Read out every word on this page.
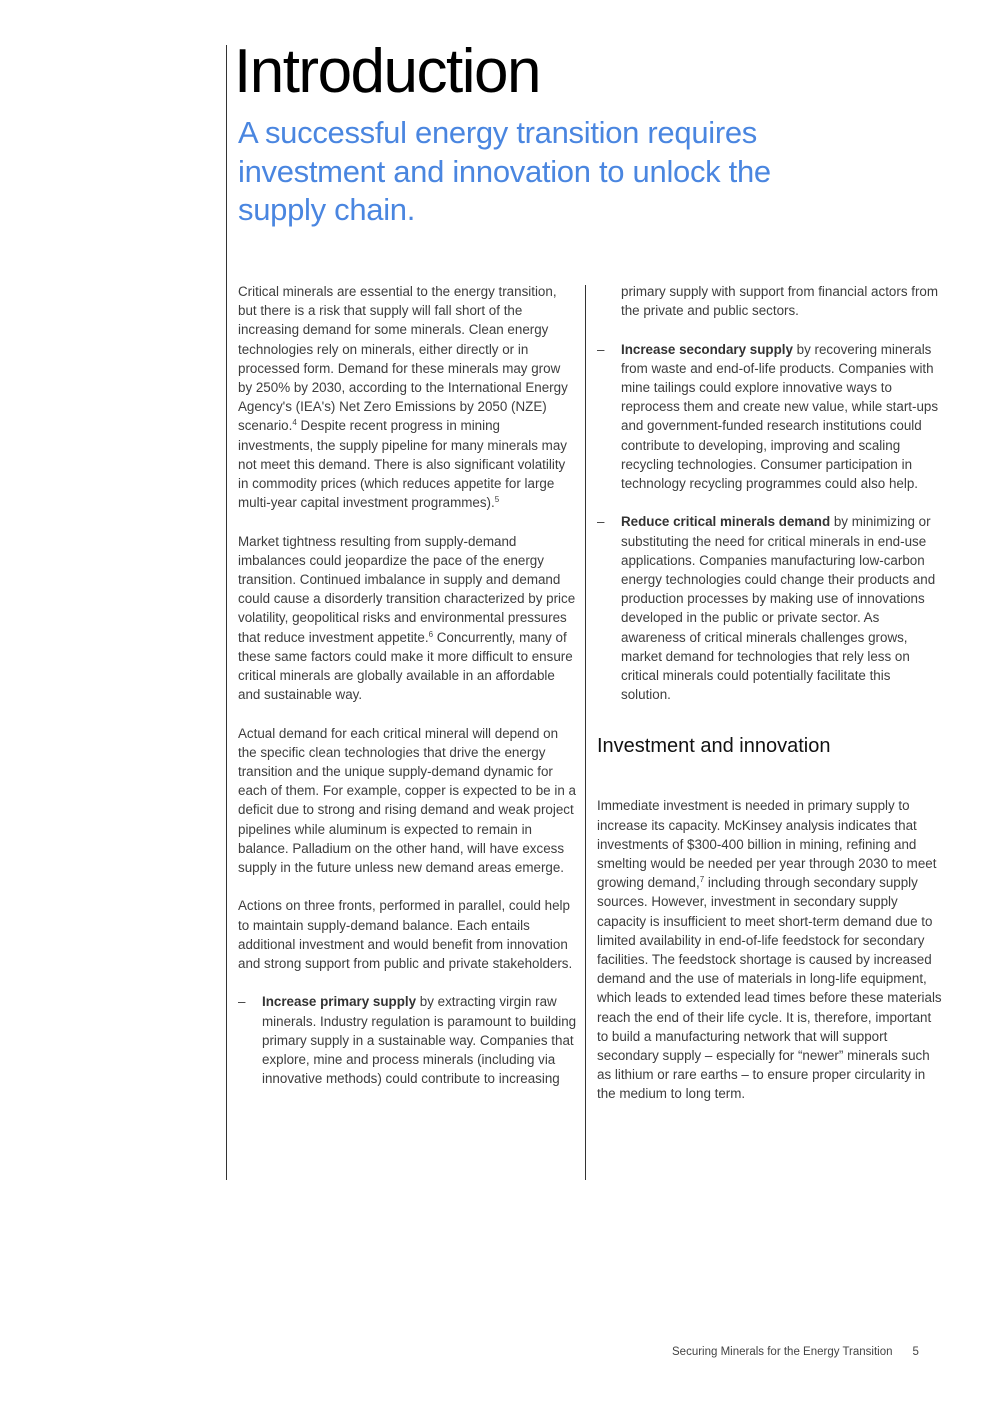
Introduction
A successful energy transition requires investment and innovation to unlock the supply chain.

Critical minerals are essential to the energy transition, but there is a risk that supply will fall short of the increasing demand for some minerals. Clean energy technologies rely on minerals, either directly or in processed form. Demand for these minerals may grow by 250% by 2030, according to the International Energy Agency's (IEA's) Net Zero Emissions by 2050 (NZE) scenario.$^4$ Despite recent progress in mining investments, the supply pipeline for many minerals may not meet this demand. There is also significant volatility in commodity prices (which reduces appetite for large multi-year capital investment programmes).$^5$

Market tightness resulting from supply-demand imbalances could jeopardize the pace of the energy transition. Continued imbalance in supply and demand could cause a disorderly transition characterized by price volatility, geopolitical risks and environmental pressures that reduce investment appetite.$^6$ Concurrently, many of these same factors could make it more difficult to ensure critical minerals are globally available in an affordable and sustainable way.

Actual demand for each critical mineral will depend on the specific clean technologies that drive the energy transition and the unique supply-demand dynamic for each of them. For example, copper is expected to be in a deficit due to strong and rising demand and weak project pipelines while aluminum is expected to remain in balance. Palladium on the other hand, will have excess supply in the future unless new demand areas emerge.

Actions on three fronts, performed in parallel, could help to maintain supply-demand balance. Each entails additional investment and would benefit from innovation and strong support from public and private stakeholders.

– Increase primary supply by extracting virgin raw minerals. Industry regulation is paramount to building primary supply in a sustainable way. Companies that explore, mine and process minerals (including via innovative methods) could contribute to increasing

primary supply with support from financial actors from the private and public sectors.

– Increase secondary supply by recovering minerals from waste and end-of-life products. Companies with mine tailings could explore innovative ways to reprocess them and create new value, while start-ups and government-funded research institutions could contribute to developing, improving and scaling recycling technologies. Consumer participation in technology recycling programmes could also help.
– Reduce critical minerals demand by minimizing or substituting the need for critical minerals in end-use applications. Companies manufacturing low-carbon energy technologies could change their products and production processes by making use of innovations developed in the public or private sector. As awareness of critical minerals challenges grows, market demand for technologies that rely less on critical minerals could potentially facilitate this solution.
Investment and innovation

Immediate investment is needed in primary supply to increase its capacity. McKinsey analysis indicates that investments of $300-400 billion in mining, refining and smelting would be needed per year through 2030 to meet growing demand,$^7$ including through secondary supply sources. However, investment in secondary supply capacity is insufficient to meet short-term demand due to limited availability in end-of-life feedstock for secondary facilities. The feedstock shortage is caused by increased demand and the use of materials in long-life equipment, which leads to extended lead times before these materials reach the end of their life cycle. It is, therefore, important to build a manufacturing network that will support secondary supply – especially for “newer” minerals such as lithium or rare earths – to ensure proper circularity in the medium to long term.

Securing Minerals for the Energy Transition 5
